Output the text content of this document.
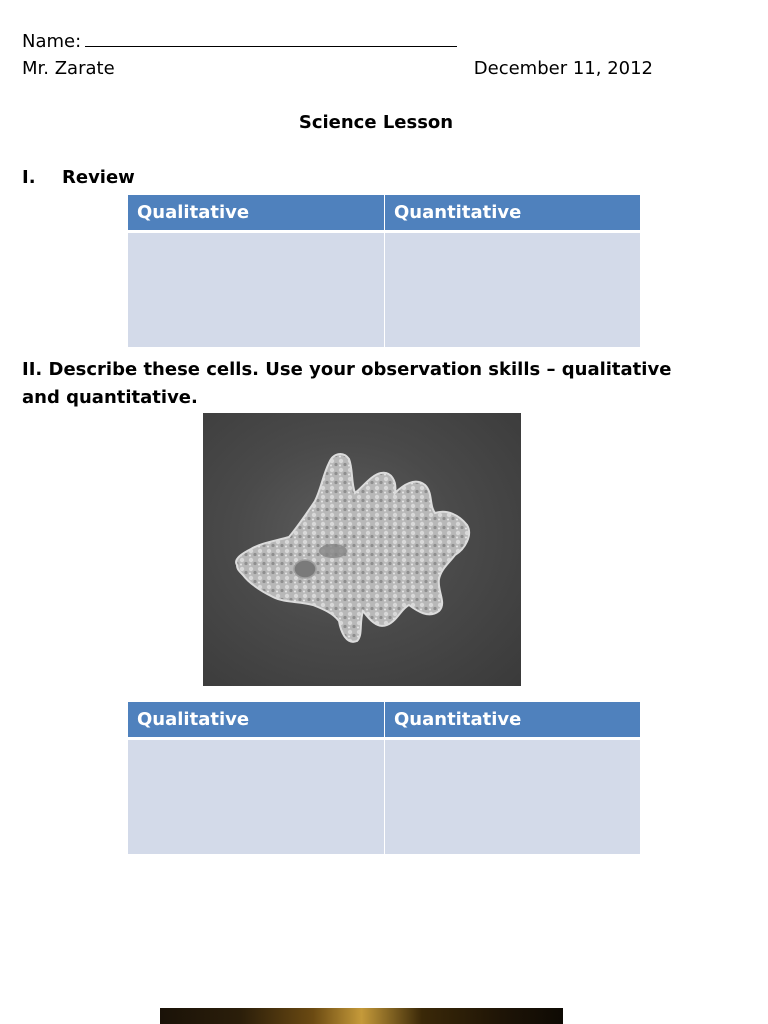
Name:
Mr. Zarate	December 11, 2012
Science Lesson
I. Review
Qualitative	Quantitative

II. Describe these cells. Use your observation skills – qualitative and quantitative.
Qualitative	Quantitative
